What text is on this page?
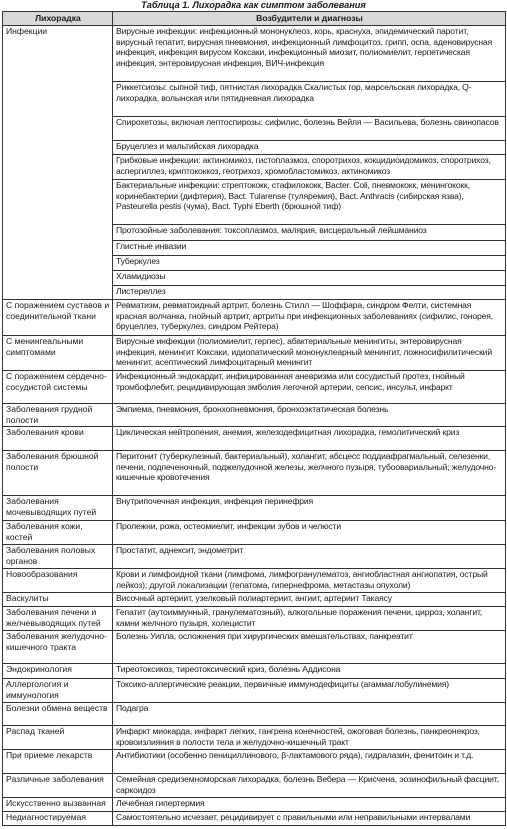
Таблица 1. Лихорадка как симптом заболевания
Лихорадка	Возбудители и диагнозы
Инфекции	Вирусные инфекции: инфекционный мононуклеоз, корь, краснуха, эпидемический паротит, вирусный гепатит, вирусная пневмония, инфекционный лимфоцитоз, грипп, оспа, аденовирусная инфекция, инфекция вирусом Коксаки, инфекционный миозит, полиомиелит, герпетическая инфекция, энтеровирусная инфекция, ВИЧ-инфекция
	Риккетсиозы: сыпной тиф, пятнистая лихорадка Скалистых гор, марсельская лихорадка, Q-лихорадка, волынская или пятидневная лихорадка
	Спирохетозы, включая лептоспирозы: сифилис, болезнь Вейля — Васильева, болезнь свинопасов
	Бруцеллез и мальтийская лихорадка
	Грибковые инфекции: актиномикоз, гистоплазмоз, споротрихоз, кокцидиоидомикоз, споротрихоз, аспергиллез, криптококкоз, геотрихоз, хромобластомикоз, актиномикоз
	Бактериальные инфекции: стрептококк, стафилококк, Bacter. Coli, пневмококк, менингококк, коринебактерии (дифтерия), Bact. Tularense (туляремия), Bact. Anthracis (сибирская язва), Pasteurella pestis (чума), Bact. Typhi Eberth (брюшной тиф)
	Протозойные заболевания: токсоплазмоз, малярия, висцеральный лейшманиоз
	Глистные инвазии
	Туберкулез
	Хламидиозы
	Листереллез
С поражением суставов и соединительной ткани	Ревматизм, ревматоидный артрит, болезнь Стилл — Шоффара, синдром Фелти, системная красная волчанка, гнойный артрит, артриты при инфекционных заболеваниях (сифилис, гонорея, бруцеллез, туберкулез, синдром Рейтера)
С менингеальными симптомами	Вирусные инфекции (полиомиелит, герпес), абактериальные менингиты, энтеровирусная инфекция, менингит Коксаки, идиопатический мононуклеарный менингит, ложносифилитический менингит, асептический лимфоцитарный менингит
С поражением сердечно-сосудистой системы	Инфекционный эндокардит, инфицированная аневризма или сосудистый протез, гнойный тромбофлебит, рецидивирующая эмболия легочной артерии, сепсис, инсульт, инфаркт
Заболевания грудной полости	Эмпиема, пневмония, бронхопневмония, бронхоэктатическая болезнь
Заболевания крови	Циклическая нейтропения, анемия, железодефицитная лихорадка, гемолитический криз
Заболевания брюшной полости	Перитонит (туберкулезный, бактериальный), холангит, абсцесс поддиафрагмальный, селезенки, печени, подпеченочный, поджелудочной железы, желчного пузыря, тубоовариальный; желудочно-кишечные кровотечения
Заболевания мочевыводящих путей	Внутрипочечная инфекция, инфекция перинефрия
Заболевания кожи, костей	Пролежни, рожа, остеомиелит, инфекции зубов и челюсти
Заболевания половых органов	Простатит, аднексит, эндометрит
Новообразования	Крови и лимфоидной ткани (лимфома, лимфогранулематоз, ангиобластная ангиопатия, острый лейкоз); другой локализации (гепатома, гипернефрома, метастазы опухоли)
Васкулиты	Височный артериит, узелковый полиартериит, ангиит, артериит Такаясу
Заболевания печени и желчевыводящих путей	Гепатит (аутоиммунный, гранулематозный), алкогольные поражения печени, цирроз, холангит, камни желчного пузыря, холецистит
Заболевания желудочно-кишечного тракта	Болезнь Уипла, осложнения при хирургических вмешательствах, панкреатит
Эндокринология	Тиреотоксикоз, тиреотоксический криз, болезнь Аддисона
Аллергология и иммунология	Токсико-аллергические реакции, первичные иммунодефициты (агаммаглобулинемия)
Болезни обмена веществ	Подагра
Распад тканей	Инфаркт миокарда, инфаркт легких, гангрена конечностей, ожоговая болезнь, панкреонекроз, кровоизлияния в полости тела и желудочно-кишечный тракт
При приеме лекарств	Антибиотики (особенно пенициллинового, β-лактамового ряда), гидралазин, фенитоин и т.д.
Различные заболевания	Семейная средиземноморская лихорадка, болезнь Вебера — Крисчена, эозинофильный фасциит, саркоидоз
Искусственно вызванная	Лечебная гипертермия
Недиагностируемая	Самостоятельно исчезает, рецидивирует с правильными или неправильными интервалами
